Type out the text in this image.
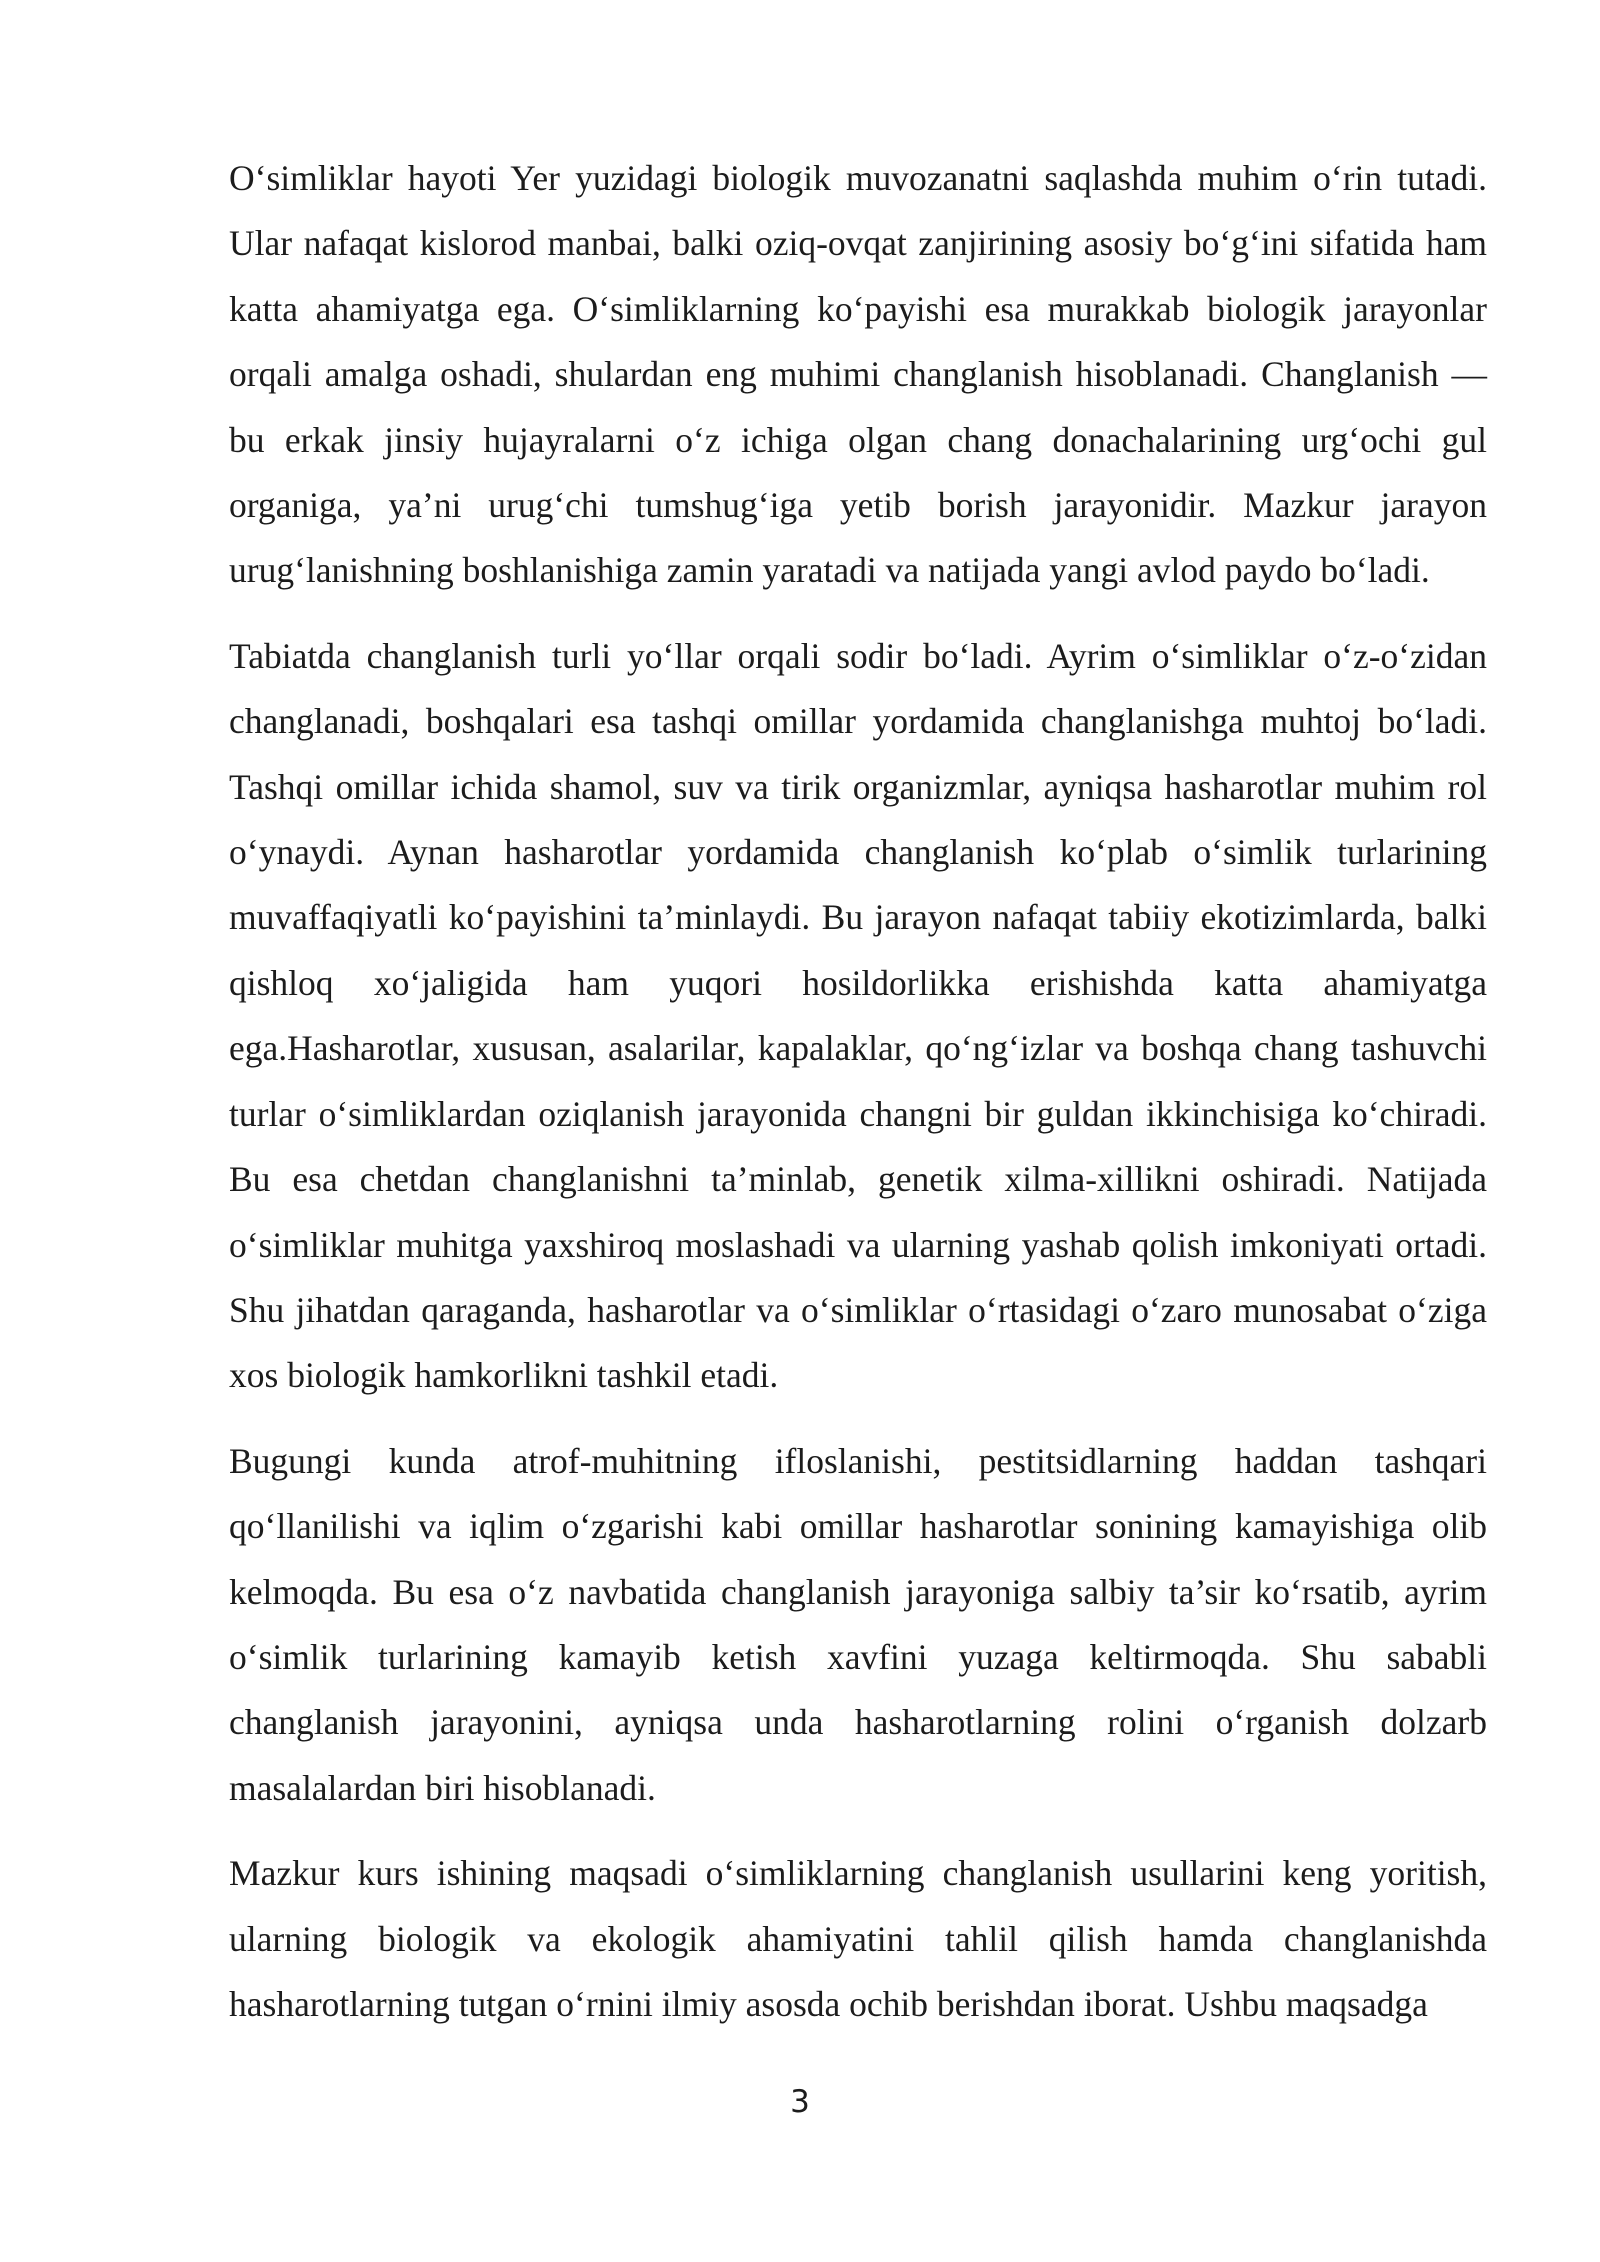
O‘simliklar hayoti Yer yuzidagi biologik muvozanatni saqlashda muhim o‘rin tutadi. Ular nafaqat kislorod manbai, balki oziq-ovqat zanjirining asosiy bo‘g‘ini sifatida ham katta ahamiyatga ega. O‘simliklarning ko‘payishi esa murakkab biologik jarayonlar orqali amalga oshadi, shulardan eng muhimi changlanish hisoblanadi. Changlanish — bu erkak jinsiy hujayralarni o‘z ichiga olgan chang donachalarining urg‘ochi gul organiga, ya’ni urug‘chi tumshug‘iga yetib borish jarayonidir. Mazkur jarayon urug‘lanishning boshlanishiga zamin yaratadi va natijada yangi avlod paydo bo‘ladi.

Tabiatda changlanish turli yo‘llar orqali sodir bo‘ladi. Ayrim o‘simliklar o‘z-o‘zidan changlanadi, boshqalari esa tashqi omillar yordamida changlanishga muhtoj bo‘ladi. Tashqi omillar ichida shamol, suv va tirik organizmlar, ayniqsa hasharotlar muhim rol o‘ynaydi. Aynan hasharotlar yordamida changlanish ko‘plab o‘simlik turlarining muvaffaqiyatli ko‘payishini ta’minlaydi. Bu jarayon nafaqat tabiiy ekotizimlarda, balki qishloq xo‘jaligida ham yuqori hosildorlikka erishishda katta ahamiyatga ega.Hasharotlar, xususan, asalarilar, kapalaklar, qo‘ng‘izlar va boshqa chang tashuvchi turlar o‘simliklardan oziqlanish jarayonida changni bir guldan ikkinchisiga ko‘chiradi. Bu esa chetdan changlanishni ta’minlab, genetik xilma-xillikni oshiradi. Natijada o‘simliklar muhitga yaxshiroq moslashadi va ularning yashab qolish imkoniyati ortadi. Shu jihatdan qaraganda, hasharotlar va o‘simliklar o‘rtasidagi o‘zaro munosabat o‘ziga xos biologik hamkorlikni tashkil etadi.

Bugungi kunda atrof-muhitning ifloslanishi, pestitsidlarning haddan tashqari qo‘llanilishi va iqlim o‘zgarishi kabi omillar hasharotlar sonining kamayishiga olib kelmoqda. Bu esa o‘z navbatida changlanish jarayoniga salbiy ta’sir ko‘rsatib, ayrim o‘simlik turlarining kamayib ketish xavfini yuzaga keltirmoqda. Shu sababli changlanish jarayonini, ayniqsa unda hasharotlarning rolini o‘rganish dolzarb masalalardan biri hisoblanadi.

Mazkur kurs ishining maqsadi o‘simliklarning changlanish usullarini keng yoritish, ularning biologik va ekologik ahamiyatini tahlil qilish hamda changlanishda hasharotlarning tutgan o‘rnini ilmiy asosda ochib berishdan iborat. Ushbu maqsadga

3
